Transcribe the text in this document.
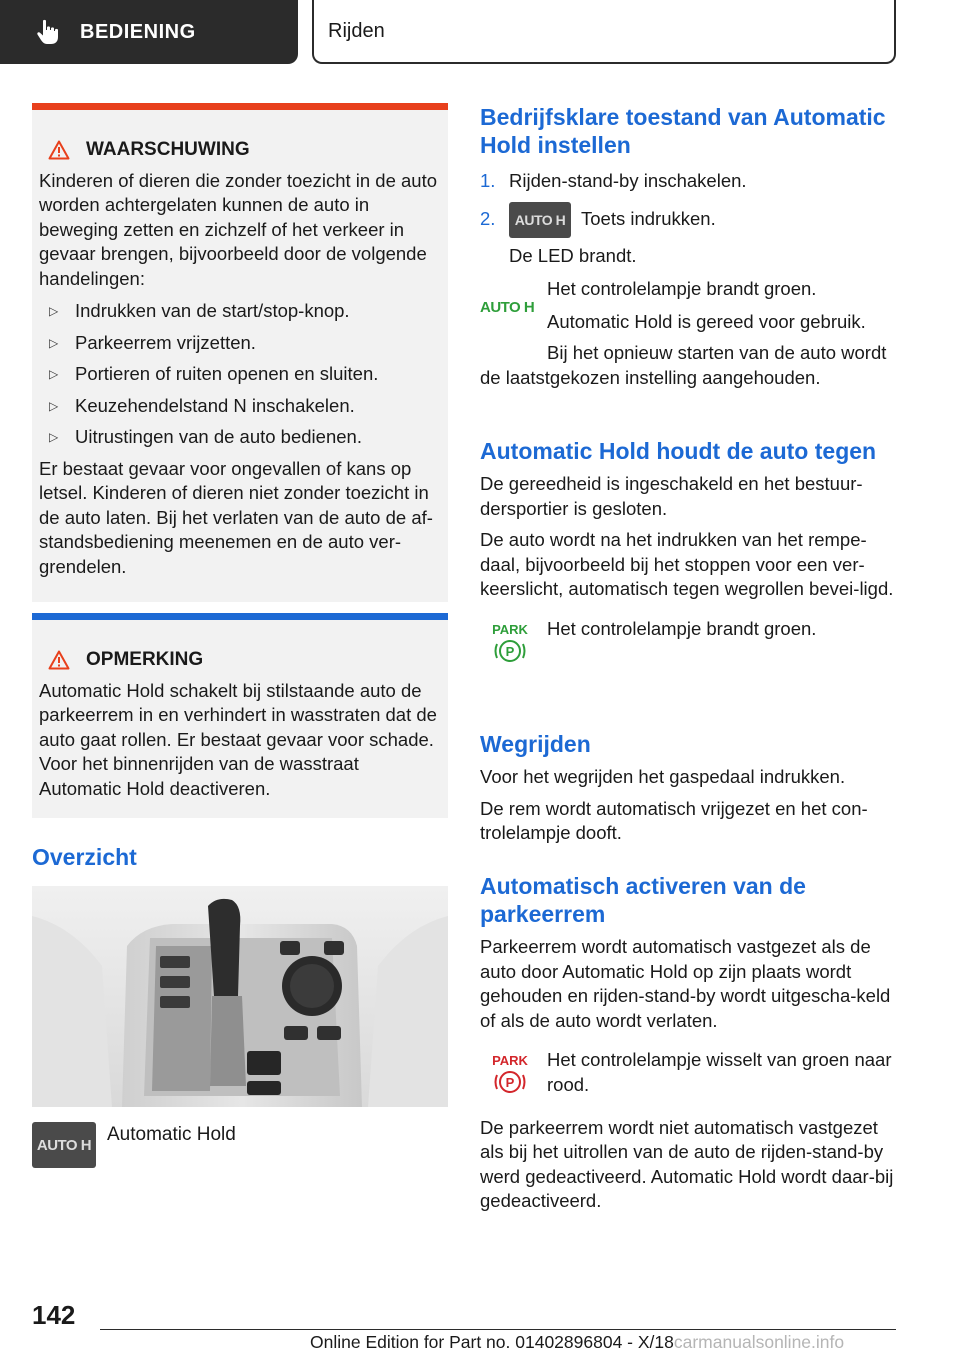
BEDIENING	Rijden
WAARSCHUWING

Kinderen of dieren die zonder toezicht in de auto worden achtergelaten kunnen de auto in beweging zetten en zichzelf of het verkeer in gevaar brengen, bijvoorbeeld door de volgende handelingen:

▷ Indrukken van de start/stop-knop.
▷ Parkeerrem vrijzetten.
▷ Portieren of ruiten openen en sluiten.
▷ Keuzehendelstand N inschakelen.
▷ Uitrustingen van de auto bedienen.

Er bestaat gevaar voor ongevallen of kans op letsel. Kinderen of dieren niet zonder toezicht in de auto laten. Bij het verlaten van de auto de af-standsbediening meenemen en de auto ver-grendelen.

OPMERKING

Automatic Hold schakelt bij stilstaande auto de parkeerrem in en verhindert in wasstraten dat de auto gaat rollen. Er bestaat gevaar voor schade. Voor het binnenrijden van de wasstraat Automatic Hold deactiveren.

Overzicht
AUTO H Automatic Hold
Bedrijfsklare toestand van Automatic Hold instellen
1. Rijden-stand-by inschakelen.
2.	AUTO H Toets indrukken.

De LED brandt.

AUTO H

Het controlelampje brandt groen.

Automatic Hold is gereed voor gebruik.

Bij het opnieuw starten van de auto wordt de laatstgekozen instelling aangehouden.

Automatic Hold houdt de auto tegen

De gereedheid is ingeschakeld en het bestuur-dersportier is gesloten.

De auto wordt na het indrukken van het rempe-daal, bijvoorbeeld bij het stoppen voor een ver-keerslicht, automatisch tegen wegrollen bevei-ligd.

PARK
P

Het controlelampje brandt groen.

Wegrijden

Voor het wegrijden het gaspedaal indrukken.

De rem wordt automatisch vrijgezet en het con-trolelampje dooft.

Automatisch activeren van de parkeerrem

Parkeerrem wordt automatisch vastgezet als de auto door Automatic Hold op zijn plaats wordt gehouden en rijden-stand-by wordt uitgescha-keld of als de auto wordt verlaten.

PARK
P

Het controlelampje wisselt van groen naar rood.

De parkeerrem wordt niet automatisch vastgezet als bij het uitrollen van de auto de rijden-stand-by werd gedeactiveerd. Automatic Hold wordt daar-bij gedeactiveerd.

142
Online Edition for Part no. 01402896804 - X/18carmanualsonline.info
